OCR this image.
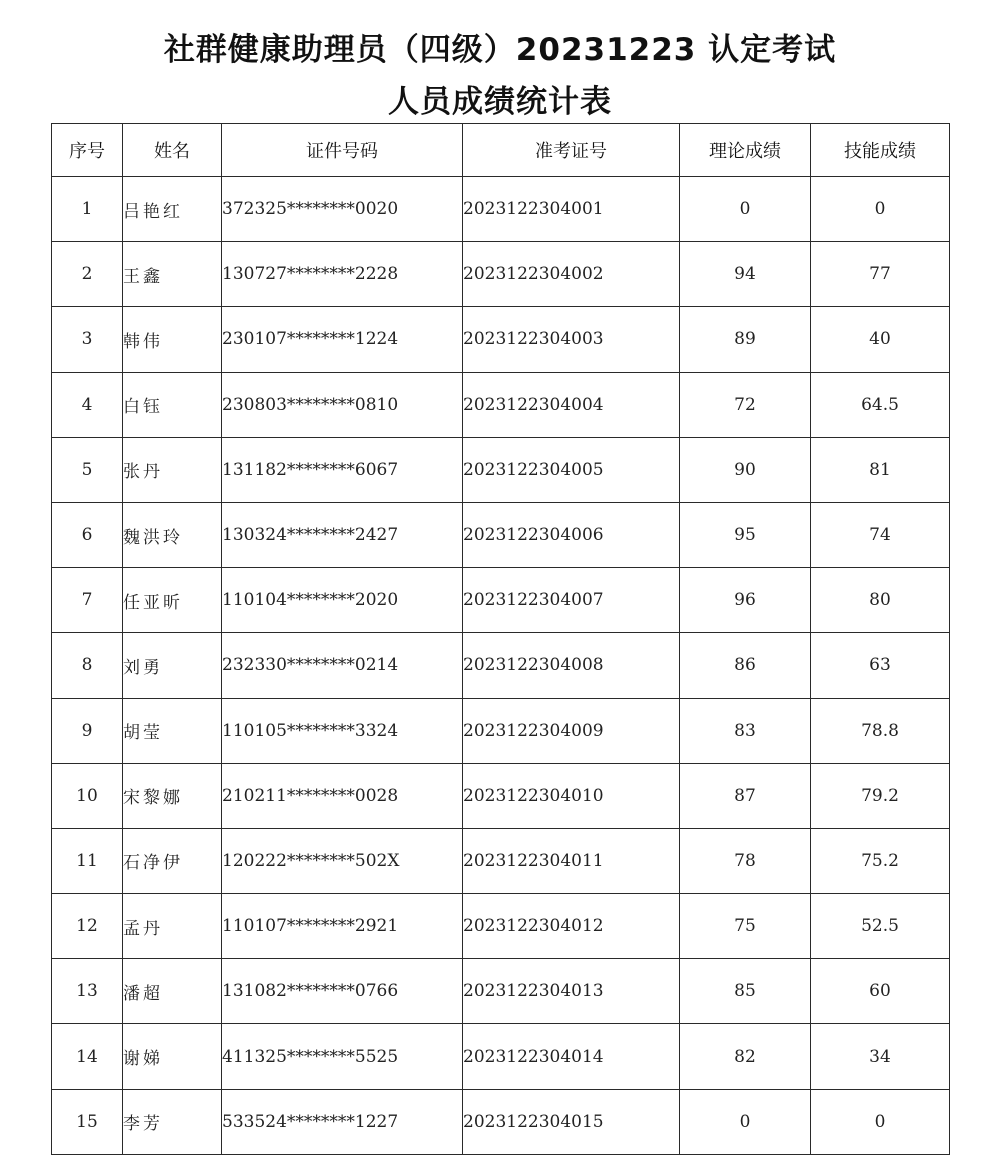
社群健康助理员（四级）20231223 认定考试
人员成绩统计表
序号	姓名	证件号码	准考证号	理论成绩	技能成绩
1	吕艳红	372325********0020	2023122304001	0	0
2	王鑫	130727********2228	2023122304002	94	77
3	韩伟	230107********1224	2023122304003	89	40
4	白钰	230803********0810	2023122304004	72	64.5
5	张丹	131182********6067	2023122304005	90	81
6	魏洪玲	130324********2427	2023122304006	95	74
7	任亚昕	110104********2020	2023122304007	96	80
8	刘勇	232330********0214	2023122304008	86	63
9	胡莹	110105********3324	2023122304009	83	78.8
10	宋黎娜	210211********0028	2023122304010	87	79.2
11	石净伊	120222********502X	2023122304011	78	75.2
12	孟丹	110107********2921	2023122304012	75	52.5
13	潘超	131082********0766	2023122304013	85	60
14	谢娣	411325********5525	2023122304014	82	34
15	李芳	533524********1227	2023122304015	0	0
